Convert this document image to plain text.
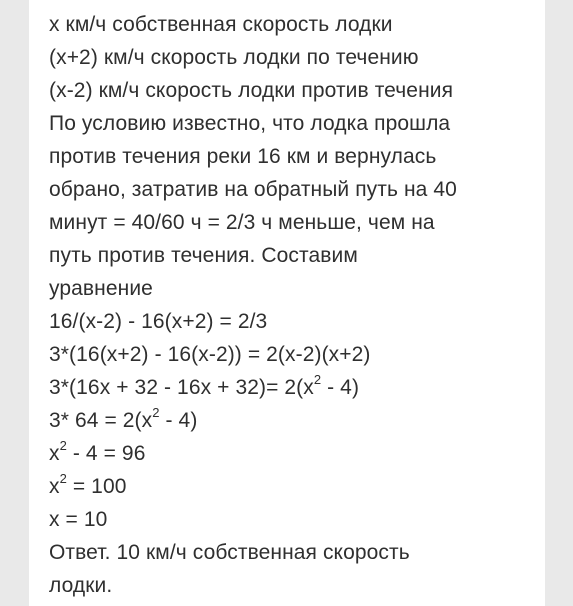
x км/ч собственная скорость лодки
(x+2) км/ч скорость лодки по течению
(x-2) км/ч скорость лодки против течения
По условию известно, что лодка прошла
против течения реки 16 км и вернулась
обрано, затратив на обратный путь на 40
минут = 40/60 ч = 2/3 ч меньше, чем на
путь против течения. Составим
уравнение
16/(x-2) - 16(x+2) = 2/3
3*(16(x+2) - 16(x-2)) = 2(x-2)(x+2)
$3*(16x + 32 - 16x + 32)= 2(x^2 - 4)$
3* $64 = 2(x^2 - 4)$
$x^2 - 4 = 96$
$x^2 = 100$
x = 10
Ответ. 10 км/ч собственная скорость
лодки.
